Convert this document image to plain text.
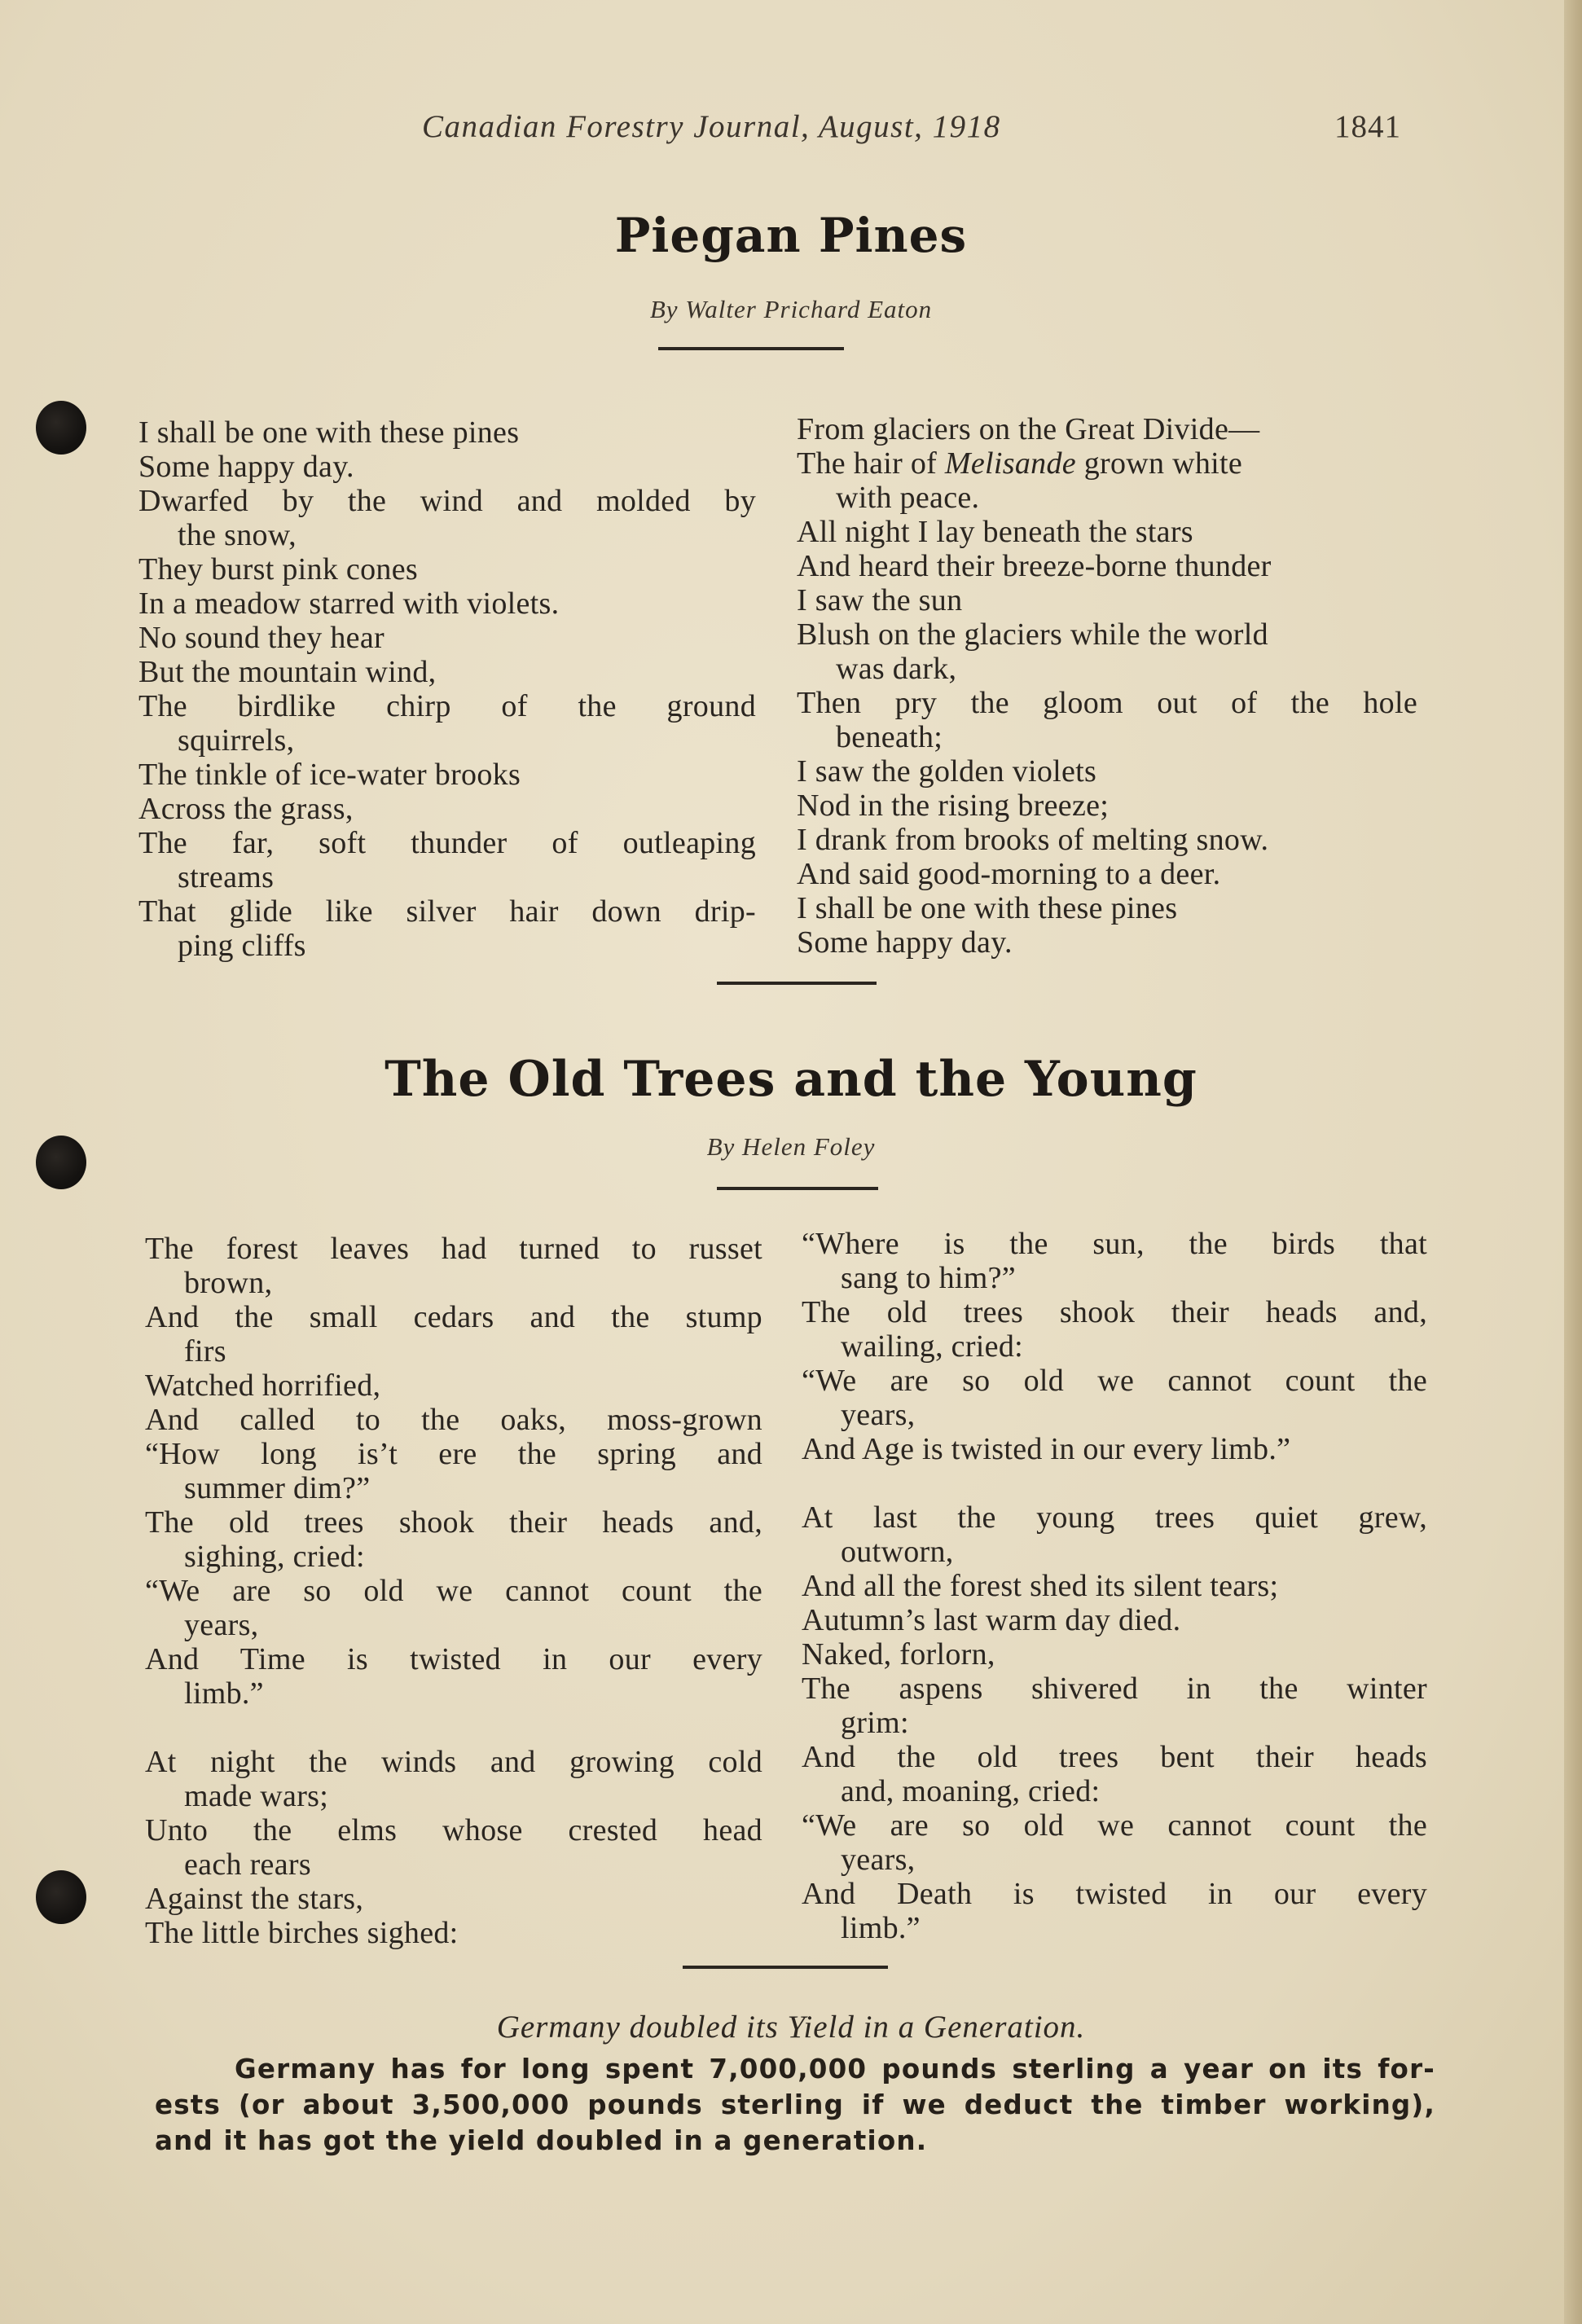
Canadian Forestry Journal, August, 1918	1841
Piegan Pines
By Walter Prichard Eaton
I shall be one with these pines
Some happy day.
Dwarfed by the wind and molded by
the snow,
They burst pink cones
In a meadow starred with violets.
No sound they hear
But the mountain wind,
The birdlike chirp of the ground
squirrels,
The tinkle of ice-water brooks
Across the grass,
The far, soft thunder of outleaping
streams
That glide like silver hair down drip-
ping cliffs
From glaciers on the Great Divide—
The hair of Melisande grown white
with peace.
All night I lay beneath the stars
And heard their breeze-borne thunder
I saw the sun
Blush on the glaciers while the world
was dark,
Then pry the gloom out of the hole
beneath;
I saw the golden violets
Nod in the rising breeze;
I drank from brooks of melting snow.
And said good-morning to a deer.
I shall be one with these pines
Some happy day.
The Old Trees and the Young
By Helen Foley
The forest leaves had turned to russet
brown,
And the small cedars and the stump
firs
Watched horrified,
And called to the oaks, moss-grown
“How long is’t ere the spring and
summer dim?”
The old trees shook their heads and,
sighing, cried:
“We are so old we cannot count the
years,
And Time is twisted in our every
limb.”
At night the winds and growing cold
made wars;
Unto the elms whose crested head
each rears
Against the stars,
The little birches sighed:
“Where is the sun, the birds that
sang to him?”
The old trees shook their heads and,
wailing, cried:
“We are so old we cannot count the
years,
And Age is twisted in our every limb.”
At last the young trees quiet grew,
outworn,
And all the forest shed its silent tears;
Autumn’s last warm day died.
Naked, forlorn,
The aspens shivered in the winter
grim:
And the old trees bent their heads
and, moaning, cried:
“We are so old we cannot count the
years,
And Death is twisted in our every
limb.”
Germany doubled its Yield in a Generation.
Germany has for long spent 7,000,000 pounds sterling a year on its for-
ests (or about 3,500,000 pounds sterling if we deduct the timber working),
and it has got the yield doubled in a generation.
